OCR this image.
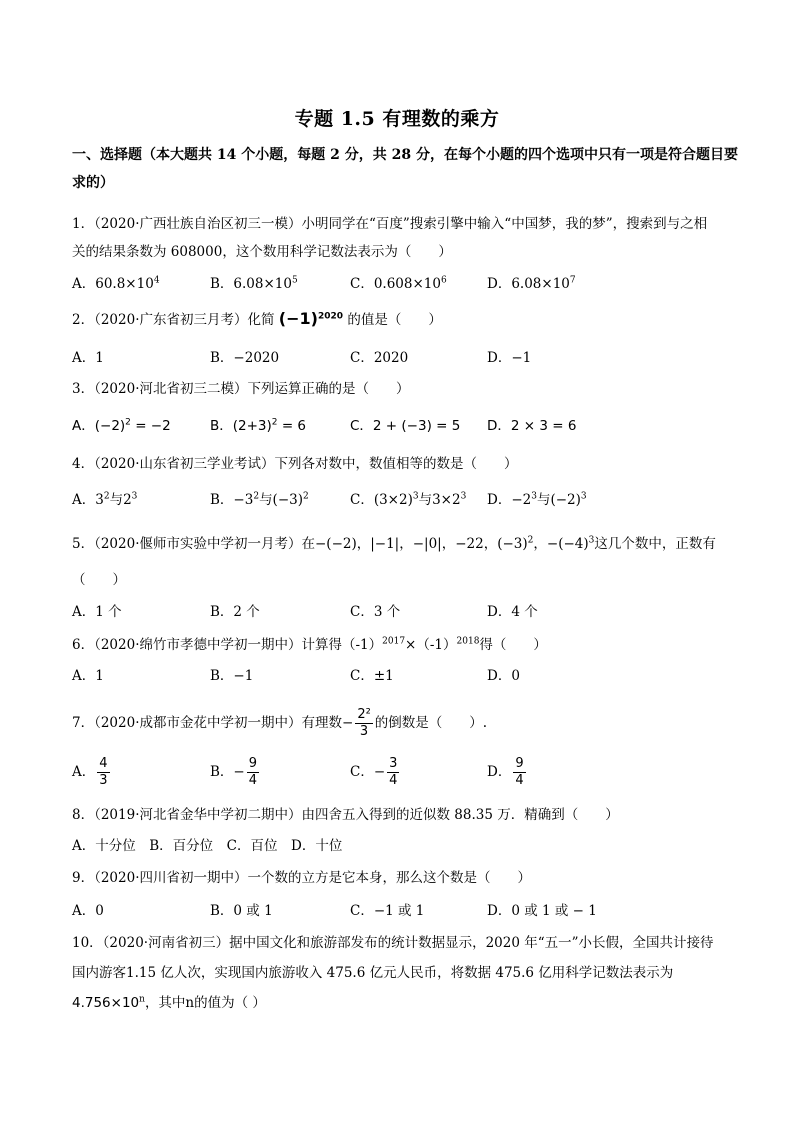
专题 1.5 有理数的乘方
一、选择题（本大题共 14 个小题，每题 2 分，共 28 分，在每个小题的四个选项中只有一项是符合题目要
求的）
1．（2020·广西壮族自治区初三一模）小明同学在“百度”搜索引擎中输入“中国梦，我的梦”，搜索到与之相
关的结果条数为 608000，这个数用科学记数法表示为（　　）
A．$60.8\times 10^4$	B．$6.08\times 10^5$	C．$0.608\times 10^6$	D．$6.08\times 10^7$
2．（2020·广东省初三月考）化简 $(-1)^{2020}$ 的值是（　　）
A．1	B．−2020	C．2020	D．−1
3．（2020·河北省初三二模）下列运算正确的是（　　）
A．$(-2)^2 = -2$	B．$(2+3)^2 = 6$	C．2 + (−3) = 5 D．2 × 3 = 6
4．（2020·山东省初三学业考试）下列各对数中，数值相等的数是（　　）
A．$3^2$与$2^3$	B．$-3^2$与$(-3)^2$	C．$(3\times 2)^3$与$3\times 2^3$ D．$-2^3$与$(-2)^3$
5．（2020·偃师市实验中学初一月考）在−(−2)，|−1|，−|0|，−22，$(-3)^2$，$-(-4)^3$这几个数中，正数有
（　　）
A．1 个	B．2 个	C．3 个	D．4 个
6．（2020·绵竹市孝德中学初一期中）计算得$(-1)^{2017}\times(-1)^{2018}$得（　　）
A．1	B．−1	C．±1	D．0
7．（2020·成都市金花中学初一期中）有理数− $\frac{\text{2²}}{3}$ 的倒数是（　　）.
A． $\frac{4}{3}$	B．− $\frac{9}{4}$	C．− $\frac{3}{4}$	D． $\frac{9}{4}$
8．（2019·河北省金华中学初二期中）由四舍五入得到的近似数 88.35 万．精确到（　　）
A．十分位　B．百分位　C．百位　D．十位
9．（2020·四川省初一期中）一个数的立方是它本身，那么这个数是（　　）
A．0	B．0 或 1	C．−1 或 1	D．0 或 1 或 − 1
10．（2020·河南省初三）据中国文化和旅游部发布的统计数据显示，2020 年“五一”小长假，全国共计接待
国内游客1.15 亿人次，实现国内旅游收入 475.6 亿元人民币，将数据 475.6 亿用科学记数法表示为
$4.756\times 10^n$，其中n的值为（ ）
